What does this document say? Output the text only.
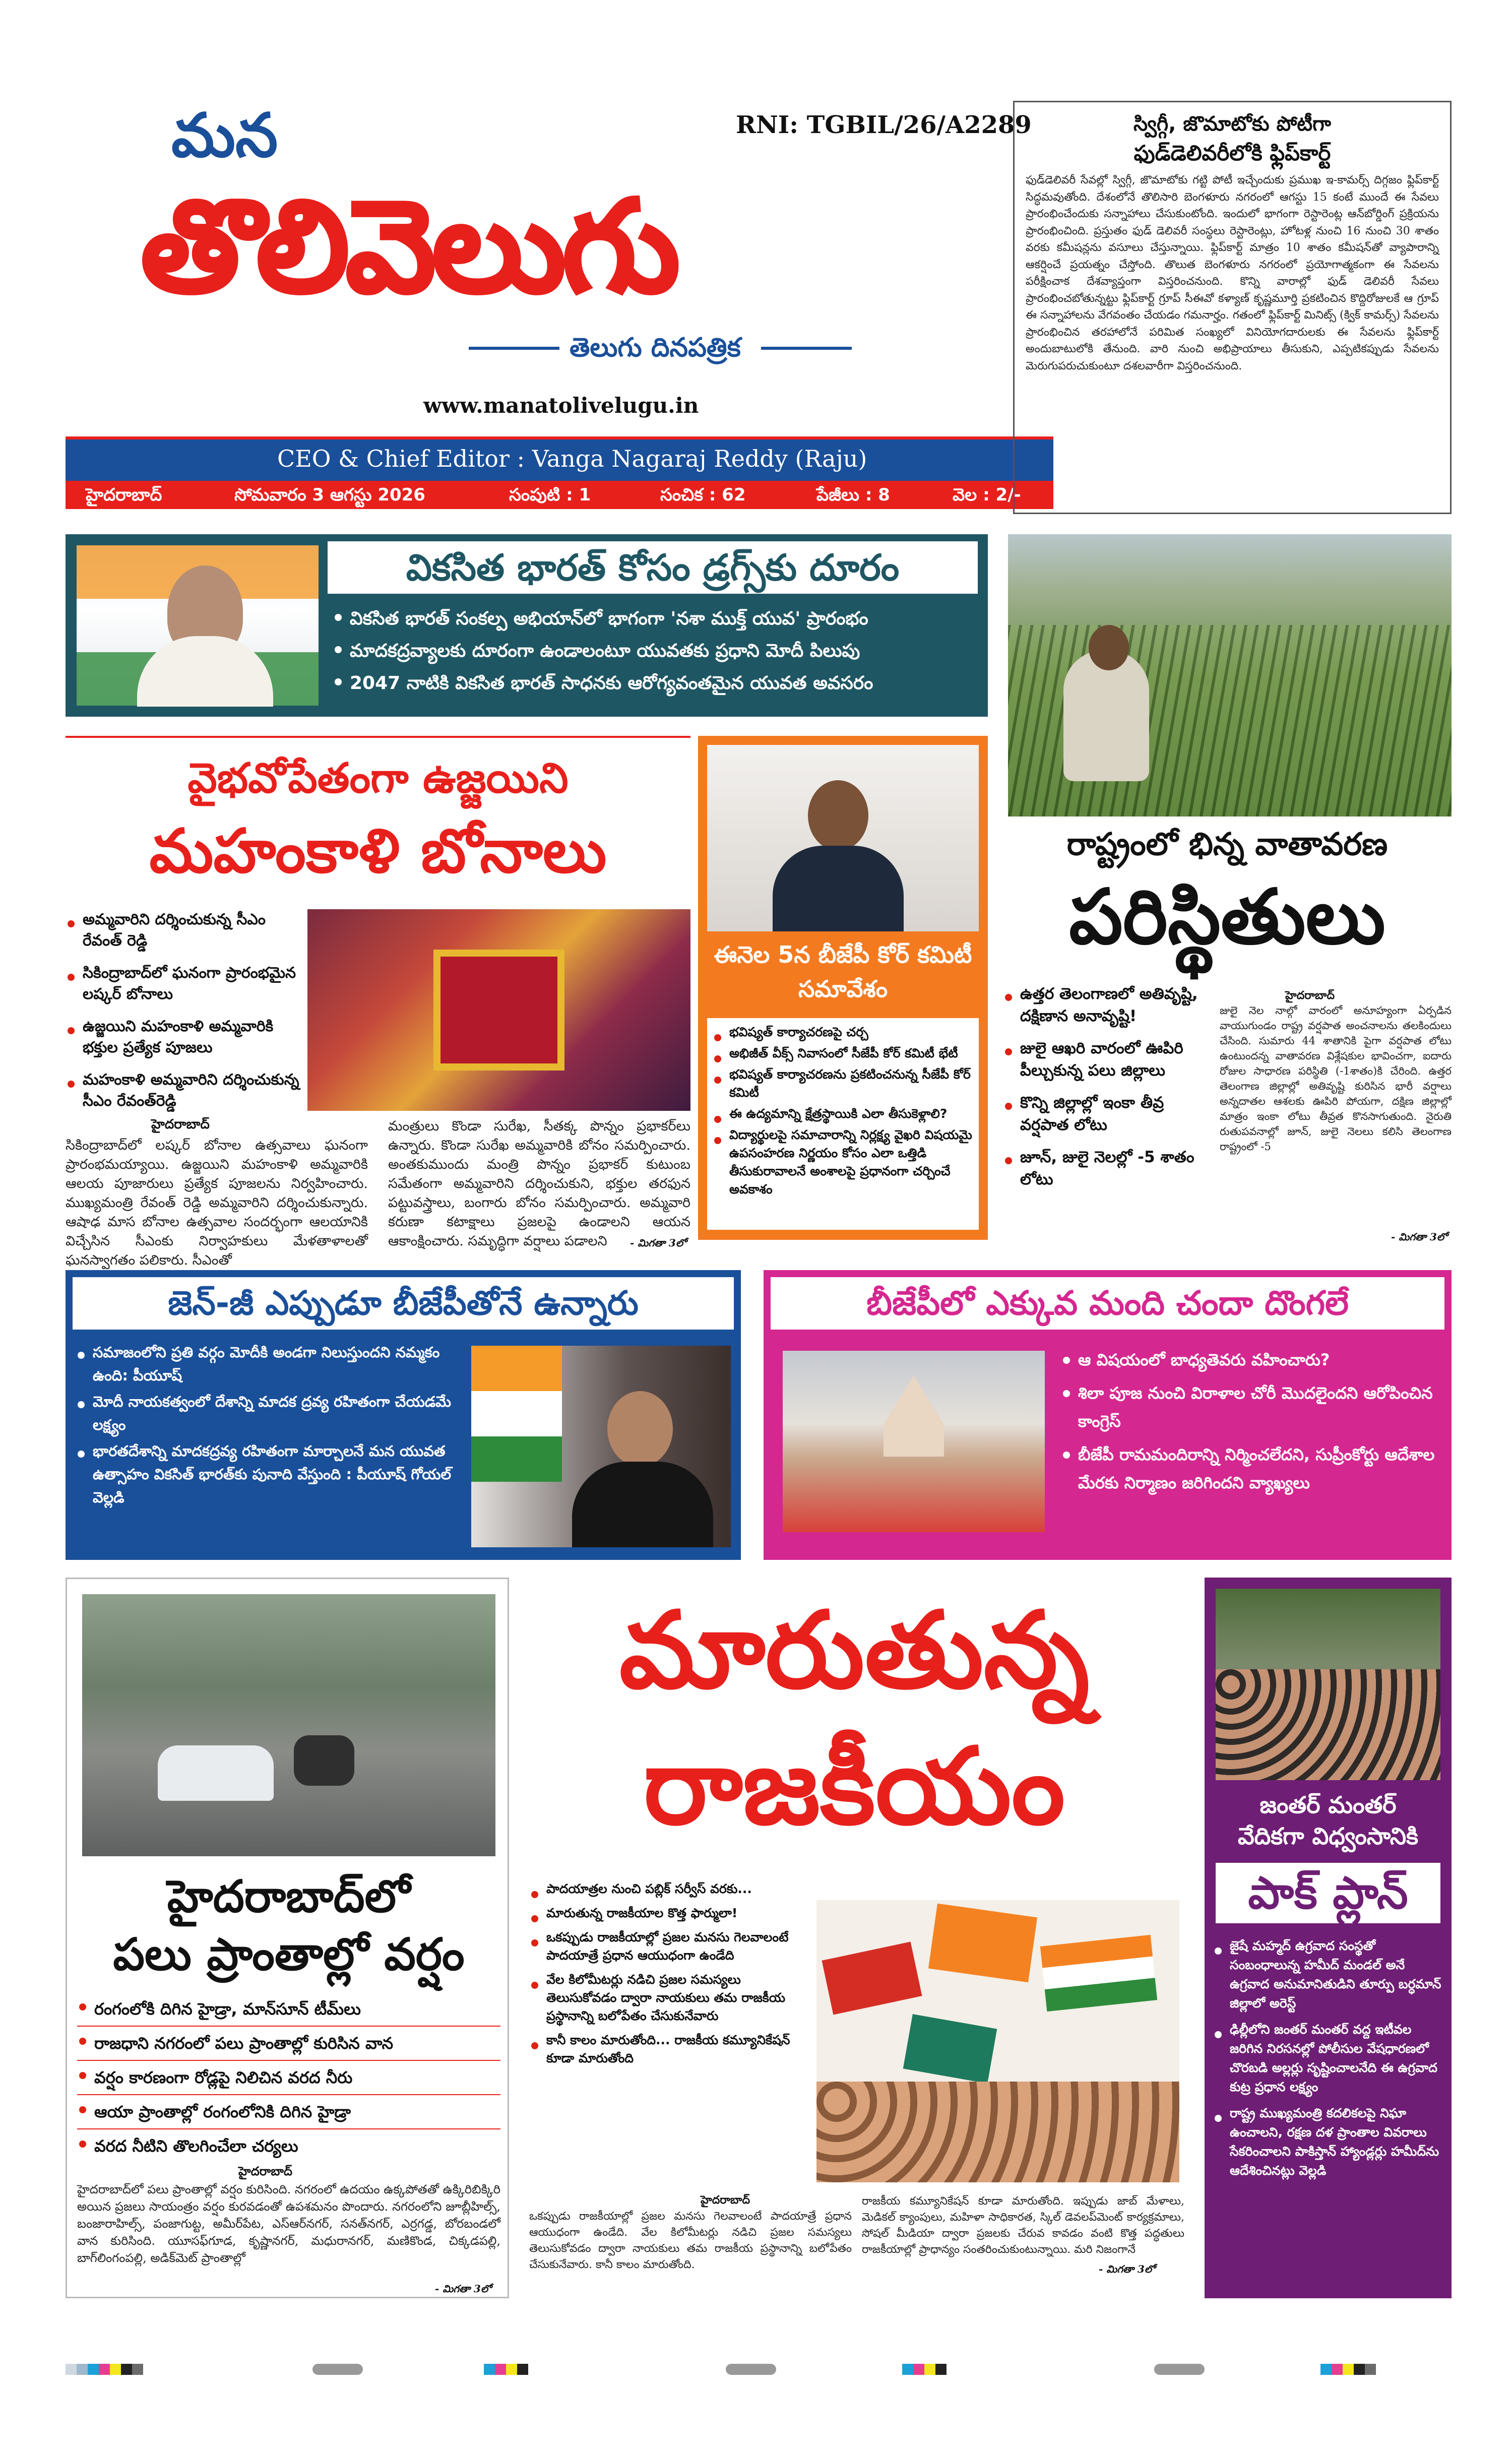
మన	RNI: TGBIL/26/A2289
తొలివెలుగు
తెలుగు దినపత్రిక
www.manatolivelugu.in
CEO & Chief Editor : Vanga Nagaraj Reddy (Raju)
హైదరాబాద్	సోమవారం 3 ఆగస్టు 2026	సంపుటి : 1	సంచిక : 62	పేజీలు : 8	వెల : 2/-
స్విగ్గీ, జొమాటోకు పోటీగా
ఫుడ్‌డెలివరీలోకి ఫ్లిప్‌కార్ట్
ఫుడ్‌డెలివరీ సేవల్లో స్విగ్గీ, జొమాటోకు గట్టి పోటీ ఇచ్చేందుకు ప్రముఖ ఇ-కామర్స్ దిగ్గజం ఫ్లిప్‌కార్ట్ సిద్ధమవుతోంది. దేశంలోనే తొలిసారి బెంగళూరు నగరంలో ఆగస్టు 15 కంటే ముందే ఈ సేవలు ప్రారంభించేందుకు సన్నాహాలు చేసుకుంటోంది. ఇందులో భాగంగా రెస్టారెంట్ల ఆన్‌బోర్డింగ్ ప్రక్రియను ప్రారంభించింది. ప్రస్తుతం ఫుడ్ డెలివరీ సంస్థలు రెస్టారెంట్లు, హోటళ్ల నుంచి 16 నుంచి 30 శాతం వరకు కమీషన్లను వసూలు చేస్తున్నాయి. ఫ్లిప్‌కార్ట్ మాత్రం 10 శాతం కమీషన్‌తో వ్యాపారాన్ని ఆకర్షించే ప్రయత్నం చేస్తోంది. తొలుత బెంగళూరు నగరంలో ప్రయోగాత్మకంగా ఈ సేవలను పరీక్షించాక దేశవ్యాప్తంగా విస్తరించనుంది. కొన్ని వారాల్లో ఫుడ్ డెలివరీ సేవలు ప్రారంభించబోతున్నట్టు ఫ్లిప్‌కార్ట్ గ్రూప్ సీఈవో కళ్యాణ్ కృష్ణమూర్తి ప్రకటించిన కొద్దిరోజులకే ఆ గ్రూప్ ఈ సన్నాహాలను వేగవంతం చేయడం గమనార్హం. గతంలో ఫ్లిప్‌కార్ట్ మినిట్స్ (క్విక్ కామర్స్) సేవలను ప్రారంభించిన తరహాలోనే పరిమిత సంఖ్యలో వినియోగదారులకు ఈ సేవలను ఫ్లిప్‌కార్ట్ అందుబాటులోకి తేనుంది. వారి నుంచి అభిప్రాయాలు తీసుకుని, ఎప్పటికప్పుడు సేవలను మెరుగుపరుచుకుంటూ దశలవారీగా విస్తరించనుంది.
వికసిత భారత్ కోసం డ్రగ్స్‌కు దూరం
వికసిత భారత్ సంకల్ప అభియాన్‌లో భాగంగా 'నశా ముక్త్ యువ' ప్రారంభం
మాదకద్రవ్యాలకు దూరంగా ఉండాలంటూ యువతకు ప్రధాని మోదీ పిలుపు
2047 నాటికి వికసిత భారత్ సాధనకు ఆరోగ్యవంతమైన యువత అవసరం
వైభవోపేతంగా ఉజ్జయిని
మహంకాళి బోనాలు
అమ్మవారిని దర్శించుకున్న సీఎం రేవంత్ రెడ్డి
సికింద్రాబాద్‌లో ఘనంగా ప్రారంభమైన లష్కర్ బోనాలు
ఉజ్జయిని మహంకాళి అమ్మవారికి భక్తుల ప్రత్యేక పూజలు
మహంకాళి అమ్మవారిని దర్శించుకున్న సీఎం రేవంత్‌రెడ్డి
హైదరాబాద్
సికింద్రాబాద్‌లో లష్కర్ బోనాల ఉత్సవాలు ఘనంగా ప్రారంభమయ్యాయి. ఉజ్జయిని మహంకాళి అమ్మవారికి ఆలయ పూజారులు ప్రత్యేక పూజలను నిర్వహించారు. ముఖ్యమంత్రి రేవంత్ రెడ్డి అమ్మవారిని దర్శించుకున్నారు. ఆషాఢ మాస బోనాల ఉత్సవాల సందర్భంగా ఆలయానికి విచ్చేసిన సీఎంకు నిర్వాహకులు మేళతాళాలతో ఘనస్వాగతం పలికారు. సీఎంతో
మంత్రులు కొండా సురేఖ, సీతక్క పొన్నం ప్రభాకర్‌లు ఉన్నారు. కొండా సురేఖ అమ్మవారికి బోనం సమర్పించారు. అంతకుముందు మంత్రి పొన్నం ప్రభాకర్ కుటుంబ సమేతంగా అమ్మవారిని దర్శించుకుని, భక్తుల తరఫున పట్టువస్త్రాలు, బంగారు బోనం సమర్పించారు. అమ్మవారి కరుణా కటాక్షాలు ప్రజలపై ఉండాలని ఆయన ఆకాంక్షించారు. సమృద్ధిగా వర్షాలు పడాలని	- మిగతా 3లో
ఈనెల 5న బీజేపీ కోర్ కమిటీ సమావేశం
భవిష్యత్ కార్యాచరణపై చర్చ
అభిజీత్ వీక్స్ నివాసంలో సీజేపీ కోర్ కమిటీ భేటీ
భవిష్యత్ కార్యాచరణను ప్రకటించనున్న సీజేపీ కోర్ కమిటీ
ఈ ఉద్యమాన్ని క్షేత్రస్థాయికి ఎలా తీసుకెళ్లాలి?
విద్యార్థులపై సమాచారాన్ని నిర్లక్ష్య వైఖరి విషయమై ఉపసంహరణ నిర్ణయం కోసం ఎలా ఒత్తిడి తీసుకురావాలనే అంశాలపై ప్రధానంగా చర్చించే అవకాశం
రాష్ట్రంలో భిన్న వాతావరణ
పరిస్థితులు
ఉత్తర తెలంగాణలో అతివృష్టి, దక్షిణాన అనావృష్టి!
జులై ఆఖరి వారంలో ఊపిరి పీల్చుకున్న పలు జిల్లాలు
కొన్ని జిల్లాల్లో ఇంకా తీవ్ర వర్షపాత లోటు
జూన్, జులై నెలల్లో -5 శాతం లోటు
హైదరాబాద్
జులై నెల నాల్గో వారంలో అనూహ్యంగా ఏర్పడిన వాయుగుండం రాష్ట్ర వర్షపాత అంచనాలను తలకిందులు చేసింది. సుమారు 44 శాతానికి పైగా వర్షపాత లోటు ఉంటుందన్న వాతావరణ విశ్లేషకుల భావించగా, ఐదారు రోజుల సాధారణ పరిస్థితి (-1శాతం)కి చేరింది. ఉత్తర తెలంగాణ జిల్లాల్లో అతివృష్టి కురిసిన భారీ వర్షాలు అన్నదాతల ఆశలకు ఊపిరి పోయగా, దక్షిణ జిల్లాల్లో మాత్రం ఇంకా లోటు తీవ్రత కొనసాగుతుంది. నైరుతి రుతుపవనాల్లో జూన్, జులై నెలలు కలిసి తెలంగాణ రాష్ట్రంలో -5
- మిగతా 3లో
జెన్-జీ ఎప్పుడూ బీజేపీతోనే ఉన్నారు
సమాజంలోని ప్రతి వర్గం మోదీకి అండగా నిలుస్తుందని నమ్మకం ఉంది: పీయూష్
మోదీ నాయకత్వంలో దేశాన్ని మాదక ద్రవ్య రహితంగా చేయడమే లక్ష్యం
భారతదేశాన్ని మాదకద్రవ్య రహితంగా మార్చాలనే మన యువత ఉత్సాహం వికసిత్ భారత్‌కు పునాది వేస్తుంది : పీయూష్ గోయల్ వెల్లడి
బీజేపీలో ఎక్కువ మంది చందా దొంగలే
ఆ విషయంలో బాధ్యతెవరు వహించారు?
శిలా పూజ నుంచి విరాళాల చోరీ మొదలైందని ఆరోపించిన కాంగ్రెస్
బీజేపీ రామమందిరాన్ని నిర్మించలేదని, సుప్రీంకోర్టు ఆదేశాల మేరకు నిర్మాణం జరిగిందని వ్యాఖ్యలు
హైదరాబాద్‌లో
పలు ప్రాంతాల్లో వర్షం
రంగంలోకి దిగిన హైడ్రా, మాన్‌సూన్ టీమ్‌లు
రాజధాని నగరంలో పలు ప్రాంతాల్లో కురిసిన వాన
వర్షం కారణంగా రోడ్లపై నిలిచిన వరద నీరు
ఆయా ప్రాంతాల్లో రంగంలోనికి దిగిన హైడ్రా
వరద నీటిని తొలగించేలా చర్యలు
హైదరాబాద్
హైదరాబాద్‌లో పలు ప్రాంతాల్లో వర్షం కురిసింది. నగరంలో ఉదయం ఉక్కపోతతో ఉక్కిరిబిక్కిరి అయిన ప్రజలు సాయంత్రం వర్షం కురవడంతో ఉపశమనం పొందారు. నగరంలోని జూబ్లీహిల్స్, బంజారాహిల్స్, పంజాగుట్ట, అమీర్‌పేట, ఎస్‌ఆర్‌నగర్, సనత్‌నగర్, ఎర్రగడ్డ, బోరబండలో వాన కురిసింది. యూసఫ్‌గూడ, కృష్ణానగర్, మధురానగర్, మణికొండ, చిక్కడపల్లి, బాగ్‌లింగంపల్లి, అడిక్‌మెట్ ప్రాంతాల్లో
- మిగతా 3లో
మారుతున్న
రాజకీయం
పాదయాత్రల నుంచి పబ్లిక్ సర్వీస్ వరకు...
మారుతున్న రాజకీయాల కొత్త ఫార్ములా!
ఒకప్పుడు రాజకీయాల్లో ప్రజల మనసు గెలవాలంటే పాదయాత్రే ప్రధాన ఆయుధంగా ఉండేది
వేల కిలోమీటర్లు నడిచి ప్రజల సమస్యలు తెలుసుకోవడం ద్వారా నాయకులు తమ రాజకీయ ప్రస్థానాన్ని బలోపేతం చేసుకునేవారు
కానీ కాలం మారుతోంది... రాజకీయ కమ్యూనికేషన్ కూడా మారుతోంది
హైదరాబాద్
ఒకప్పుడు రాజకీయాల్లో ప్రజల మనసు గెలవాలంటే పాదయాత్రే ప్రధాన ఆయుధంగా ఉండేది. వేల కిలోమీటర్లు నడిచి ప్రజల సమస్యలు తెలుసుకోవడం ద్వారా నాయకులు తమ రాజకీయ ప్రస్థానాన్ని బలోపేతం చేసుకునేవారు. కానీ కాలం మారుతోంది.
రాజకీయ కమ్యూనికేషన్ కూడా మారుతోంది. ఇప్పుడు జాబ్ మేళాలు, మెడికల్ క్యాంపులు, మహిళా సాధికారత, స్కిల్ డెవలప్‌మెంట్ కార్యక్రమాలు, సోషల్ మీడియా ద్వారా ప్రజలకు చేరువ కావడం వంటి కొత్త పద్ధతులు రాజకీయాల్లో ప్రాధాన్యం సంతరించుకుంటున్నాయి. మరి నిజంగానే
- మిగతా 3లో
జంతర్ మంతర్
వేదికగా విధ్వంసానికి
పాక్ ప్లాన్
జైషే మహ్మద్ ఉగ్రవాద సంస్థతో సంబంధాలున్న హమీద్ మండల్ అనే ఉగ్రవాద అనుమానితుడిని తూర్పు బర్ధమాన్ జిల్లాలో అరెస్ట్
ఢిల్లీలోని జంతర్ మంతర్ వద్ద ఇటీవల జరిగిన నిరసనల్లో పోలీసుల వేషధారణలో చొరబడి అల్లర్లు సృష్టించాలనేది ఈ ఉగ్రవాద కుట్ర ప్రధాన లక్ష్యం
రాష్ట్ర ముఖ్యమంత్రి కదలికలపై నిఘా ఉంచాలని, రక్షణ దళ ప్రాంతాల వివరాలు సేకరించాలని పాకిస్తాన్ హ్యాండ్లర్లు హమీద్‌ను ఆదేశించినట్లు వెల్లడి
